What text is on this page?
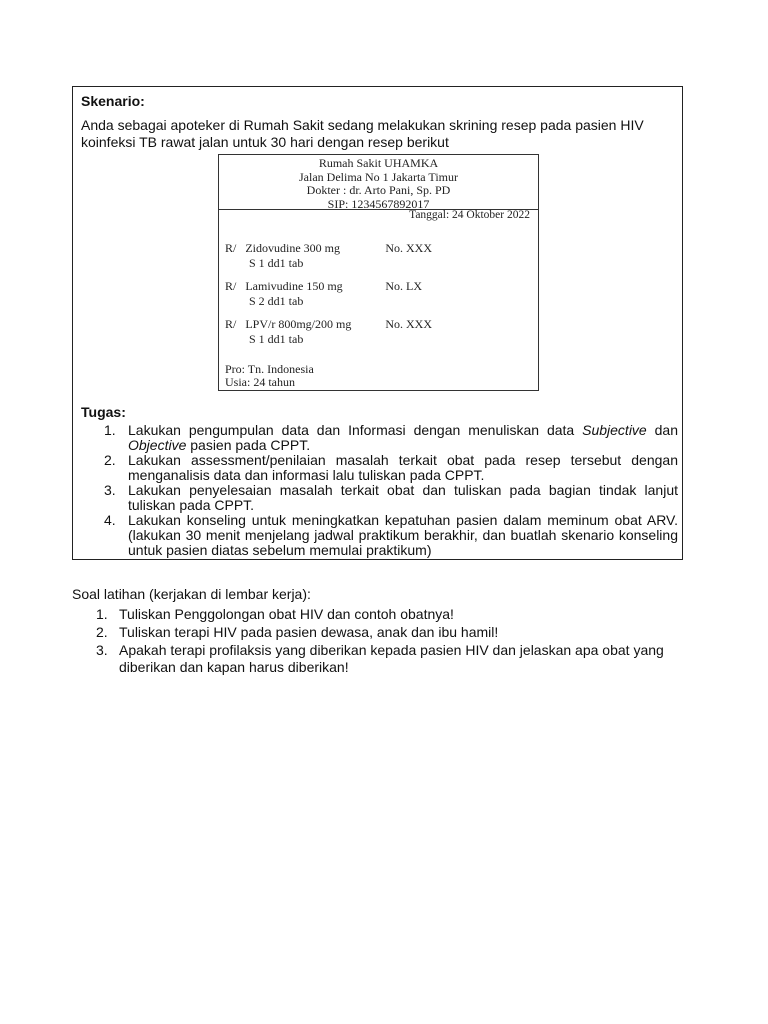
Skenario:

Anda sebagai apoteker di Rumah Sakit sedang melakukan skrining resep pada pasien HIV koinfeksi TB rawat jalan untuk 30 hari dengan resep berikut

Rumah Sakit UHAMKA
Jalan Delima No 1 Jakarta Timur
Dokter : dr. Arto Pani, Sp. PD
SIP: 1234567892017
Tanggal: 24 Oktober 2022
R/ Zidovudine 300 mg	No. XXX
S 1 dd1 tab
R/ Lamivudine 150 mg	No. LX
S 2 dd1 tab
R/ LPV/r 800mg/200 mg	No. XXX
S 1 dd1 tab
Pro: Tn. Indonesia
Usia: 24 tahun
Tugas:
1. Lakukan pengumpulan data dan Informasi dengan menuliskan data Subjective dan Objective pasien pada CPPT.
2. Lakukan assessment/penilaian masalah terkait obat pada resep tersebut dengan menganalisis data dan informasi lalu tuliskan pada CPPT.
3. Lakukan penyelesaian masalah terkait obat dan tuliskan pada bagian tindak lanjut tuliskan pada CPPT.
4. Lakukan konseling untuk meningkatkan kepatuhan pasien dalam meminum obat ARV. (lakukan 30 menit menjelang jadwal praktikum berakhir, dan buatlah skenario konseling untuk pasien diatas sebelum memulai praktikum)
Soal latihan (kerjakan di lembar kerja):
1. Tuliskan Penggolongan obat HIV dan contoh obatnya!
2. Tuliskan terapi HIV pada pasien dewasa, anak dan ibu hamil!
3. Apakah terapi profilaksis yang diberikan kepada pasien HIV dan jelaskan apa obat yang diberikan dan kapan harus diberikan!
